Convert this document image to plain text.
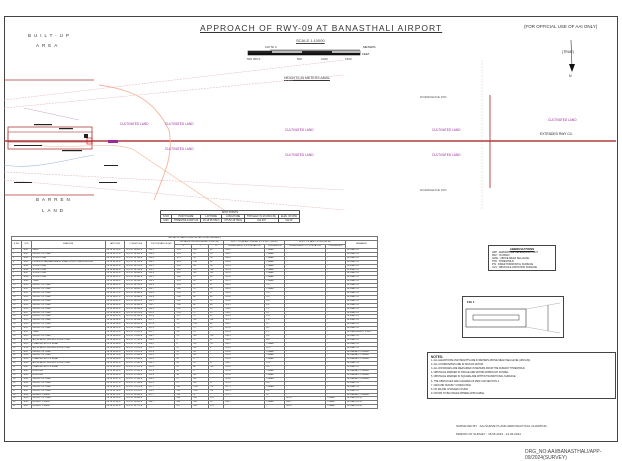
APPROACH OF RWY-09 AT BANASTHALI AIRPORT
SCALE 1:10000
100 50 0	METERS
FEET
500 250 0	500	1000	1500
HEIGHTS IN METERS AMSL
(FOR OFFICIAL USE OF AAI ONLY)
(TRUE)
N
BUILT-UP
AREA
BARREN
LAND
DIVERGENCE 15%
DIVERGENCE 15%
EXTENDED RWY C/L
CULTIVATED LAND	CULTIVATED LAND
CULTIVATED LAND
CULTIVATED LAND
CULTIVATED LAND
CULTIVATED LAND
CULTIVATED LAND
CULTIVATED LAND
SPOT POINTS					
S.NO	POINT NAME	LATITUDE	LONGITUDE	TOP ELEV. IN M (WGS 84)	ELEV. OF R/W
1000	THRESHOLD RWY-09	26 18 35.789 N	075 52 18.789 E	312.070	312.07
OBSTACLE TABLE (IDENTIFICATION INSTRUMENT)													
S.NO.	UID	FEATURE	LATITUDE	LONGITUDE	TOP ELEVATION (M)	DISTANCE FROM RUNWAY STRIP (M)			W.R.T. 1.6 (A) APP FUNNEL & 1.6 (W.T.) (IN M.)		W.R.T. 1.6 (A,B,C,D,G,H) (IN M.)		REMARKS
						X	Y	Y1	PERMISSIBLE TOP ELEVATION	DIFFERENCE	PERMISSIBLE TOP ELEVATION	DIFFERENCE	
1	5001	GATE	26 18 35.29 N	075 52 18.452 E	314.1	-523	105	96	326.2	CLEAR	-	-	NOTAM V.S.
2	5002	GROUP OF TREE	26 18 35.21 N	075 52 18.192 E	316.8	-493	18	18	332.2	CLEAR	-	-	NOTAM V.S.
3	5003	STRUCTURE	26 18 35.14 N	075 52 18.784 E	314.6	-475	-47	-47	320.9	CLEAR	-	-	NOTAM V.S.
4	5004	DEFENCE HANGAR BEACH FINAL STRUCTURE BUILDING	26 18 35.06 N	075 52 18.125 E	318.1	-463	136	96	324.9	CLEAR	-	-	NOTAM V.S.
5	5005	STRUCTURE	26 18 35.02 N	075 52 18.211 E	313.1	-451	-87	-87	322.3	CLEAR	-	-	NOTAM V.S.
6	5006	STRUCTURE	26 18 34.96 N	075 52 18.734 E	313.1	-440	-78	-38	322.3	CLEAR	-	-	NOTAM V.S.
7	5007	STRUCTURE	26 18 34.93 N	075 52 18.484 E	314.8	-407	-85	-85	322.3	CLEAR	-	-	NOTAM V.S.
8	5008	STRUCTURE	26 18 34.91 N	075 52 18.381 E	315.1	-368	78	38	322.8	CLEAR	-	-	NOTAM V.S.
9	5009	TREE	26 18 34.86 N	075 52 18.286 E	318.3	-323	95	81	322.1	CLEAR	-	-	NOTAM V.S.
10	5010	GROUP OF TREE	26 18 34.81 N	075 52 18.123 E	320.3	-303	97	97	326.4	3.9	-	-	NOTAM V.S.
11	5011	GROUP OF TREE	26 18 34.77 N	075 52 18.642 E	319.7	-268	78	78	320.9	CLEAR	-	-	NOTAM V.S.
12	5012	GROUP OF TREE	26 18 34.72 N	075 52 18.585 E	320.4	-229	67	67	326.4	3.9	-	-	NOTAM V.S.
13	5013	GROUP OF TREE	26 18 34.67 N	075 52 18.484 E	319.8	-198	86	86	323.8	3.9	-	-	NOTAM V.S.
14	5014	GROUP OF TREE	26 18 34.63 N	075 52 18.411 E	320.1	-182	75	75	322.8	8.6	-	-	NOTAM V.S.
15	5015	GROUP OF TREE	26 18 34.59 N	075 52 18.309 E	319.2	-146	86	86	323.1	8.6	-	-	NOTAM V.S.
16	5016	GROUP OF TREE	26 18 34.55 N	075 52 18.286 E	318.5	-132	73	23	319.4	7.2	-	-	NOTAM V.S.
17	5017	GROUP OF TREE	26 18 34.48 N	075 52 18.223 E	322.0	-126	72	22	319.2	9.1	-	-	NOTAM V.S.
18	5018	GROUP OF TREE	26 18 34.41 N	075 52 18.152 E	321.4	-117	-77	27	322.9	11.7	-	-	NOTAM V.S.
19	5019	GROUP OF TREE	26 18 34.35 N	075 52 18.108 E	322.1	-97	-38	-38	321.1	7.8	-	-	NOTAM V.S.
20	5020	GROUP OF TREE	26 18 34.28 N	075 52 18.042 E	327.8	-20	135	96	328.7	3.7	-	-	NOTAM V.S.
21	5021	GROUP OF TREE	26 18 34.22 N	075 52 17.984 E	321.5	-20	73	72	322.9	8.5	-	-	NOTAM V.S.
22	5022	TREE	26 18 34.15 N	075 52 17.921 E	321.7	-20	19	-	322.9	1.7	-	-	NOTAM/SURVEY STRIP
23	5023	GROUP OF TREE	26 18 34.09 N	075 52 17.853 E	318.2	-11	-66	-16	316.3	8.8	-	-	NOTAM V.S.
24	5024	APPROACH LIGHTING STRUCTURE	26 18 34.02 N	075 52 17.791 E	313.5	-1	21	21	316.3	8.6	-	-	NOTAM V.S.
25	5025	CHARTED BLOCK ROAD	26 18 33.96 N	075 52 17.733 E	314.0	6	-59	-21	320.2	CLEAR	-	-	NOTAM V.S.
26	5026	APPROACH LIGHTING STRUCTURE	26 18 33.89 N	075 52 17.674 E	311.1	11	-66	8	323.5	10.1	-	-	NOTAM V.S.
27	5027	GROUP OF TREE	26 18 33.82 N	075 52 17.612 E	312.8	13	-91	-	312.8	CLEAR	-	-	NOTAM APP. FUNNEL
28	5028	GROUP OF TREE	26 18 33.76 N	075 52 17.555 E	312.5	21	-92	-	312.5	CLEAR	-	-	NOTAM APP. FUNNEL
29	5029	CHARTED BLOCK ROAD	26 18 33.69 N	075 52 17.493 E	312.9	26	0	-	312.9	CLEAR	-	-	NOTAM APP. FUNNEL
30	5030	APPROACH LIGHTING STRUCTURE	26 18 33.63 N	075 52 17.432 E	315.7	28	18	21	316.7	11.4	-	-	NOTAM V.S.
31	5031	CHARTED BLOCK ROAD	26 18 33.56 N	075 52 17.371 E	321.4	31	86	-90	321.4	8.6	-	-	NOTAM V.S.
32	5032	BUILDING	26 18 33.49 N	075 52 17.312 E	322.9	36	0	-	322.9	CLEAR	-	-	NOTAM APP. FUNNEL
33	5033	BUILDING	26 18 33.43 N	075 52 17.254 E	322.9	38	-64	-	322.9	CLEAR	-	-	NOTAM APP. FUNNEL
34	5034	GROUP OF TREE	26 18 33.37 N	075 52 17.193 E	323.0	72	-95	-	323.0	CLEAR	-	-	NOTAM APP. FUNNEL
35	5035	GROUP OF TREE	26 18 33.31 N	075 52 17.134 E	322.3	72	-98	27	322.3	8.6	-	-	NOTAM V.S.
36	5036	GROUP OF TREE	26 18 33.24 N	075 52 17.072 E	327.7	130	-108	-73	327.7	CLEAR	-	-	NOTAM V.S.
37	5037	GROUP OF TREE	26 18 33.18 N	075 52 17.011 E	320.3	135	-140	-18	320.3	3.8	-	-	NOTAM V.S.
38	5038	MOBILE TOWER	26 18 33.11 N	075 52 16.954 E	327.7	136	-6	-	327.7	3.7	-	-	NOTAM APP. FUNNEL
39	5039	GROUP OF TREE	26 18 33.05 N	075 52 16.893 E	-	186	318	270	-	-	361.0	CLEAR	NOTAM (I.H.S.)
40	5040	MOBILE TOWER	26 18 32.98 N	075 52 16.832 E	336.7	189	335	20	336.7	CLEAR	359.7	CLEAR	NOTAM (I.H.S.)
41	5041	MOBILE TOWER	26 18 32.92 N	075 52 16.771 E	-	227	318	225	-	-	361.0	CLEAR	NOTAM (I.H.S.)
ABBREVIATIONS
ARP : AERODROME REFERENCE POINT
RWY : RUNWAY
AMSL : ABOVE MEAN SEA LEVEL
THR : THRESHOLD
IHS : INNER HORIZONTAL SURFACE
OLS : OBSTACLE LIMITATION SURFACE
FIG 1
NOTES:
1. ALL ELEVATIONS AND HEIGHTS ARE IN METERS ABOVE MEAN SEA LEVEL (WGS-84).
2. ALL COORDINATES ARE IN WGS-84 DATUM.
3. ALL DISTANCES ARE MEASURED IN METERS FROM THE RUNWAY THRESHOLD.
4. OBSTACLE MARKED IN CIRCLE ARE WITHIN APPROACH FUNNEL.
5. OBSTACLE MARKED IN SQUARE ARE WITHIN TRANSITIONAL SURFACE.
6. THE OBSTACLES ARE CLEARED AS PER CAR SECTION 4.
7. GROUND SURVEY CONDUCTED.
8. NO MAJOR CHANGES FOUND.
9. NOTAM TO BE ISSUED WHERE APPLICABLE.
SURVEYED BY : AAI SURVEYS AND AERONAUTICAL CHARTING
PERIOD OF SURVEY : 18.06.2024 - 21.06.2024
DRG_NO:AAI/BANASTHALI/APP-09/2024(SURVEY)
